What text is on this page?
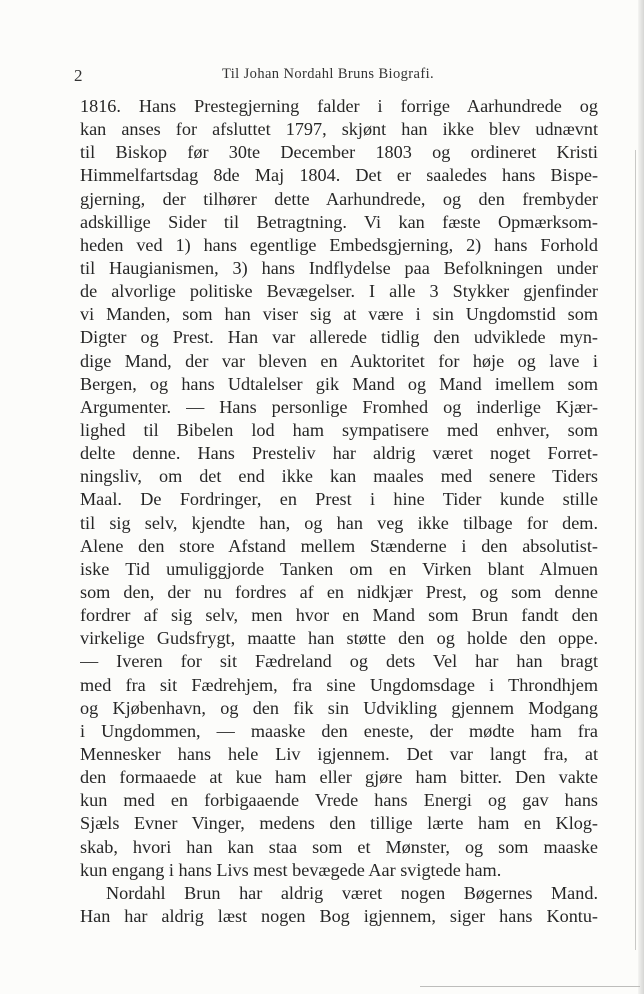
2	Til Johan Nordahl Bruns Biografi.
1816. Hans Prestegjerning falder i forrige Aarhundrede og
kan anses for afsluttet 1797, skjønt han ikke blev udnævnt
til Biskop før 30te December 1803 og ordineret Kristi
Himmelfartsdag 8de Maj 1804. Det er saaledes hans Bispe-
gjerning, der tilhører dette Aarhundrede, og den frembyder
adskillige Sider til Betragtning. Vi kan fæste Opmærksom-
heden ved 1) hans egentlige Embedsgjerning, 2) hans Forhold
til Haugianismen, 3) hans Indflydelse paa Befolkningen under
de alvorlige politiske Bevægelser. I alle 3 Stykker gjenfinder
vi Manden, som han viser sig at være i sin Ungdomstid som
Digter og Prest. Han var allerede tidlig den udviklede myn-
dige Mand, der var bleven en Auktoritet for høje og lave i
Bergen, og hans Udtalelser gik Mand og Mand imellem som
Argumenter. — Hans personlige Fromhed og inderlige Kjær-
lighed til Bibelen lod ham sympatisere med enhver, som
delte denne. Hans Presteliv har aldrig været noget Forret-
ningsliv, om det end ikke kan maales med senere Tiders
Maal. De Fordringer, en Prest i hine Tider kunde stille
til sig selv, kjendte han, og han veg ikke tilbage for dem.
Alene den store Afstand mellem Stænderne i den absolutist-
iske Tid umuliggjorde Tanken om en Virken blant Almuen
som den, der nu fordres af en nidkjær Prest, og som denne
fordrer af sig selv, men hvor en Mand som Brun fandt den
virkelige Gudsfrygt, maatte han støtte den og holde den oppe.
— Iveren for sit Fædreland og dets Vel har han bragt
med fra sit Fædrehjem, fra sine Ungdomsdage i Throndhjem
og Kjøbenhavn, og den fik sin Udvikling gjennem Modgang
i Ungdommen, — maaske den eneste, der mødte ham fra
Mennesker hans hele Liv igjennem. Det var langt fra, at
den formaaede at kue ham eller gjøre ham bitter. Den vakte
kun med en forbigaaende Vrede hans Energi og gav hans
Sjæls Evner Vinger, medens den tillige lærte ham en Klog-
skab, hvori han kan staa som et Mønster, og som maaske
kun engang i hans Livs mest bevægede Aar svigtede ham.
Nordahl Brun har aldrig været nogen Bøgernes Mand.
Han har aldrig læst nogen Bog igjennem, siger hans Kontu-
